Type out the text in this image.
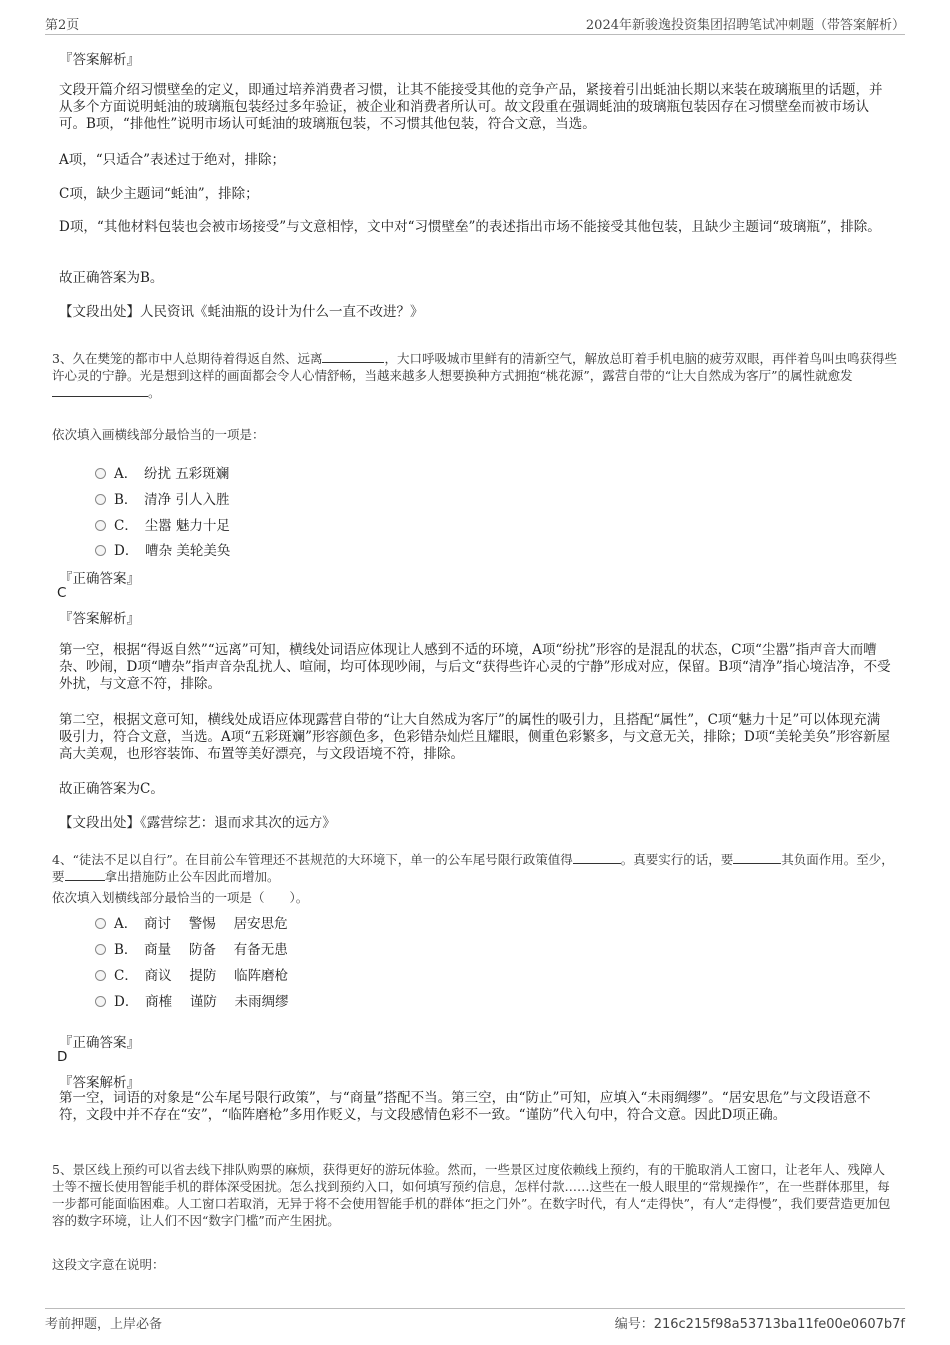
第2页	2024年新骏逸投资集团招聘笔试冲刺题（带答案解析）
『答案解析』
文段开篇介绍习惯壁垒的定义，即通过培养消费者习惯，让其不能接受其他的竞争产品，紧接着引出蚝油长期以来装在玻璃瓶里的话题，并从多个方面说明蚝油的玻璃瓶包装经过多年验证，被企业和消费者所认可。故文段重在强调蚝油的玻璃瓶包装因存在习惯壁垒而被市场认可。B项，“排他性”说明市场认可蚝油的玻璃瓶包装，不习惯其他包装，符合文意，当选。
A项，“只适合”表述过于绝对，排除；
C项，缺少主题词“蚝油”，排除；
D项，“其他材料包装也会被市场接受”与文意相悖，文中对“习惯壁垒”的表述指出市场不能接受其他包装，且缺少主题词“玻璃瓶”，排除。
故正确答案为B。
【文段出处】人民资讯《蚝油瓶的设计为什么一直不改进？》
3、久在樊笼的都市中人总期待着得返自然、远离	，大口呼吸城市里鲜有的清新空气，解放总盯着手机电脑的疲劳双眼，再伴着鸟叫虫鸣获得些许心灵的宁静。光是想到这样的画面都会令人心情舒畅，当越来越多人想要换种方式拥抱“桃花源”，露营自带的“让大自然成为客厅”的属性就愈发。
依次填入画横线部分最恰当的一项是：
A．　纷扰 五彩斑斓
B．　清净 引人入胜
C．　尘嚣 魅力十足
D．　嘈杂 美轮美奂
『正确答案』
C
『答案解析』
第一空，根据“得返自然”“远离”可知，横线处词语应体现让人感到不适的环境，A项“纷扰”形容的是混乱的状态，C项“尘嚣”指声音大而嘈杂、吵闹，D项“嘈杂”指声音杂乱扰人、喧闹，均可体现吵闹，与后文“获得些许心灵的宁静”形成对应，保留。B项“清净”指心境洁净，不受外扰，与文意不符，排除。
第二空，根据文意可知，横线处成语应体现露营自带的“让大自然成为客厅”的属性的吸引力，且搭配“属性”，C项“魅力十足”可以体现充满吸引力，符合文意，当选。A项“五彩斑斓”形容颜色多，色彩错杂灿烂且耀眼，侧重色彩繁多，与文意无关，排除；D项“美轮美奂”形容新屋高大美观，也形容装饰、布置等美好漂亮，与文段语境不符，排除。
故正确答案为C。
【文段出处】《露营综艺：退而求其次的远方》
4、“徒法不足以自行”。在目前公车管理还不甚规范的大环境下，单一的公车尾号限行政策值得	。真要实行的话，要	其负面作用。至少，要	拿出措施防止公车因此而增加。
依次填入划横线部分最恰当的一项是（　　）。
A．　商讨　 警惕　 居安思危
B．　商量　 防备　 有备无患
C．　商议　 提防　 临阵磨枪
D．　商榷　 谨防　 未雨绸缪
『正确答案』
D
『答案解析』
第一空，词语的对象是“公车尾号限行政策”，与“商量”搭配不当。第三空，由“防止”可知，应填入“未雨绸缪”。“居安思危”与文段语意不符，文段中并不存在“安”，“临阵磨枪”多用作贬义，与文段感情色彩不一致。“谨防”代入句中，符合文意。因此D项正确。
5、景区线上预约可以省去线下排队购票的麻烦，获得更好的游玩体验。然而，一些景区过度依赖线上预约，有的干脆取消人工窗口，让老年人、残障人士等不擅长使用智能手机的群体深受困扰。怎么找到预约入口，如何填写预约信息，怎样付款……这些在一般人眼里的“常规操作”，在一些群体那里，每一步都可能面临困难。人工窗口若取消，无异于将不会使用智能手机的群体“拒之门外”。在数字时代，有人“走得快”，有人“走得慢”，我们要营造更加包容的数字环境，让人们不因“数字门槛”而产生困扰。
这段文字意在说明：
考前押题，上岸必备	编号：216c215f98a53713ba11fe00e0607b7f
